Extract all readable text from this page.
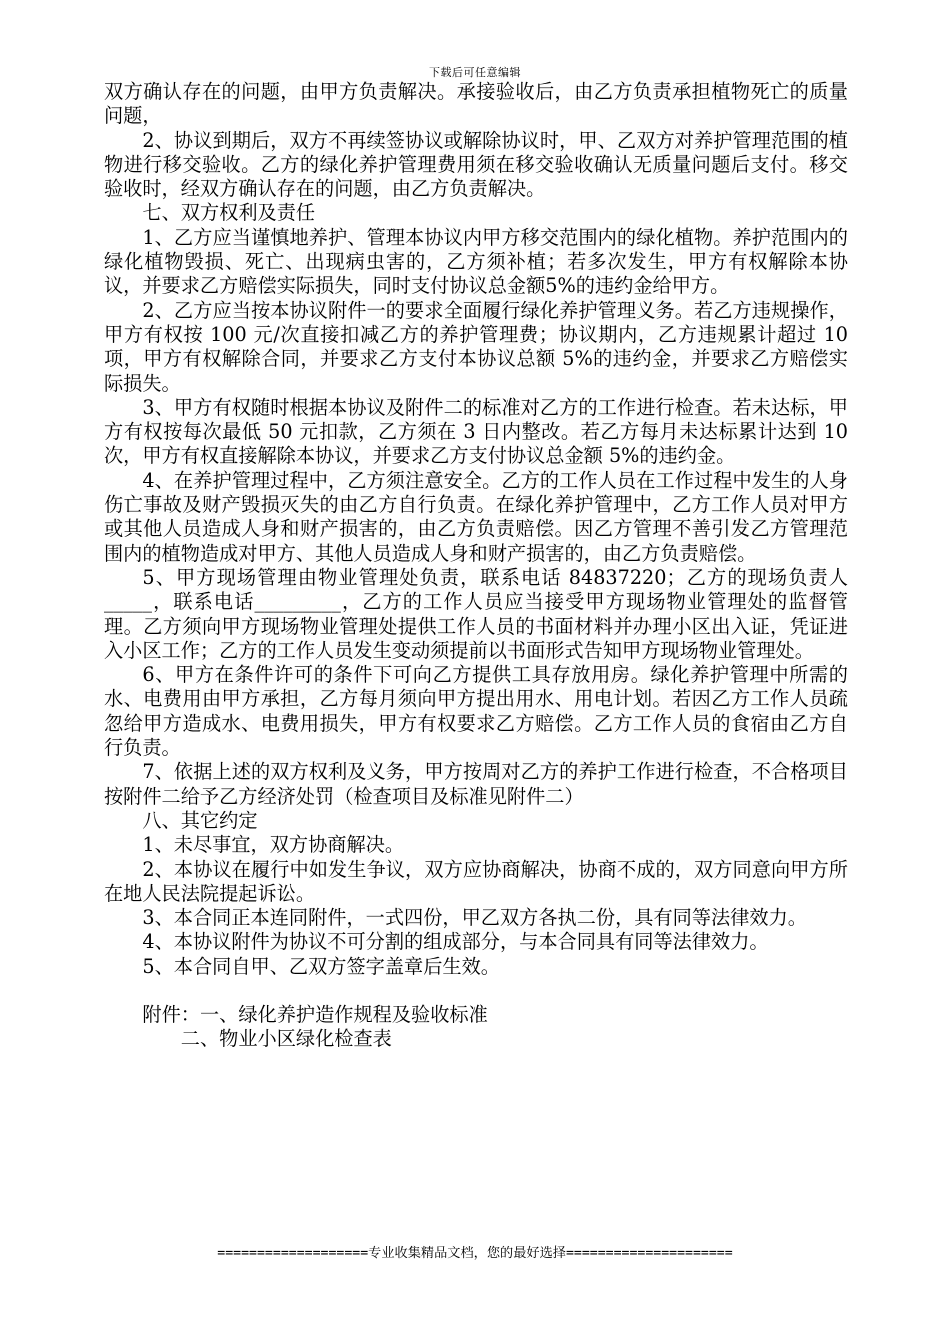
下载后可任意编辑

双方确认存在的问题，由甲方负责解决。承接验收后，由乙方负责承担植物死亡的质量问题，

2、协议到期后，双方不再续签协议或解除协议时，甲、乙双方对养护管理范围的植物进行移交验收。乙方的绿化养护管理费用须在移交验收确认无质量问题后支付。移交验收时，经双方确认存在的问题，由乙方负责解决。

七、双方权利及责任

1、乙方应当谨慎地养护、管理本协议内甲方移交范围内的绿化植物。养护范围内的绿化植物毁损、死亡、出现病虫害的，乙方须补植；若多次发生，甲方有权解除本协议，并要求乙方赔偿实际损失，同时支付协议总金额5%的违约金给甲方。

2、乙方应当按本协议附件一的要求全面履行绿化养护管理义务。若乙方违规操作，甲方有权按 100 元/次直接扣减乙方的养护管理费；协议期内，乙方违规累计超过 10 项，甲方有权解除合同，并要求乙方支付本协议总额 5%的违约金，并要求乙方赔偿实际损失。

3、甲方有权随时根据本协议及附件二的标准对乙方的工作进行检查。若未达标，甲方有权按每次最低 50 元扣款，乙方须在 3 日内整改。若乙方每月未达标累计达到 10 次，甲方有权直接解除本协议，并要求乙方支付协议总金额 5%的违约金。

4、在养护管理过程中，乙方须注意安全。乙方的工作人员在工作过程中发生的人身伤亡事故及财产毁损灭失的由乙方自行负责。在绿化养护管理中，乙方工作人员对甲方或其他人员造成人身和财产损害的，由乙方负责赔偿。因乙方管理不善引发乙方管理范围内的植物造成对甲方、其他人员造成人身和财产损害的，由乙方负责赔偿。

5、甲方现场管理由物业管理处负责，联系电话 84837220；乙方的现场负责人_____，联系电话_________，乙方的工作人员应当接受甲方现场物业管理处的监督管理。乙方须向甲方现场物业管理处提供工作人员的书面材料并办理小区出入证，凭证进入小区工作；乙方的工作人员发生变动须提前以书面形式告知甲方现场物业管理处。

6、甲方在条件许可的条件下可向乙方提供工具存放用房。绿化养护管理中所需的水、电费用由甲方承担，乙方每月须向甲方提出用水、用电计划。若因乙方工作人员疏忽给甲方造成水、电费用损失，甲方有权要求乙方赔偿。乙方工作人员的食宿由乙方自行负责。

7、依据上述的双方权利及义务，甲方按周对乙方的养护工作进行检查，不合格项目按附件二给予乙方经济处罚（检查项目及标准见附件二）

八、其它约定

1、未尽事宜，双方协商解决。

2、本协议在履行中如发生争议，双方应协商解决，协商不成的，双方同意向甲方所在地人民法院提起诉讼。

3、本合同正本连同附件，一式四份，甲乙双方各执二份，具有同等法律效力。

4、本协议附件为协议不可分割的组成部分，与本合同具有同等法律效力。

5、本合同自甲、乙双方签字盖章后生效。

附件：一、绿化养护造作规程及验收标准

二、物业小区绿化检查表

===================专业收集精品文档，您的最好选择=====================
